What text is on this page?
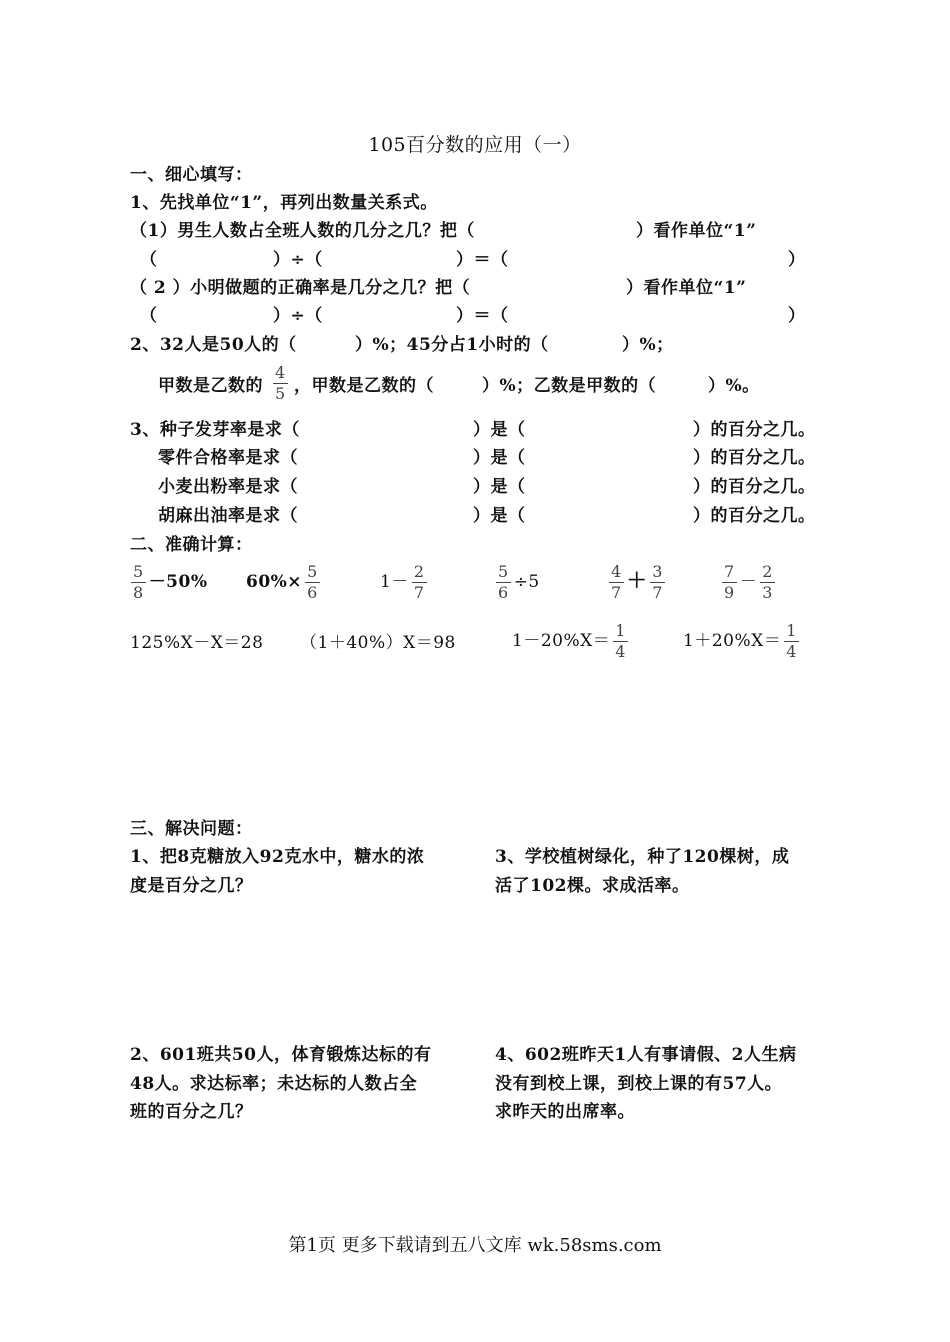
105百分数的应用（一）
一、细心填写：
1、先找单位“1”，再列出数量关系式。
（1）男生人数占全班人数的几分之几？把（	）看作单位“1”
（	）÷（	）＝（	）
（ 2 ）小明做题的正确率是几分之几？把（	）看作单位“1”
（	）÷（	）＝（	）
2、32人是50人的（	）%；45分占1小时的（	）%；
甲数是乙数的 $\frac{4}{5}$ ，甲数是乙数的（	）%；乙数是甲数的（	）%。
3、种子发芽率是求（	）是（	）的百分之几。
零件合格率是求（	）是（	）的百分之几。
小麦出粉率是求（	）是（	）的百分之几。
胡麻出油率是求（	）是（	）的百分之几。
二、准确计算：
$\frac{5}{8} -50\%$ $60\%\times \frac{5}{6}$	$1- \frac{2}{7}$	$\frac{5}{6} \div 5$	$\frac{4}{7} + \frac{3}{7}$	$\frac{7}{9} - \frac{2}{3}$
125%X－X＝28 （1＋40%）X＝98	$1-20\%X= \frac{1}{4}$	$1+20\%X= \frac{1}{4}$
三、解决问题：
1、把8克糖放入92克水中，糖水的浓
度是百分之几？
3、学校植树绿化，种了120棵树，成
活了102棵。求成活率。
2、601班共50人，体育锻炼达标的有
48人。求达标率；未达标的人数占全
班的百分之几？
4、602班昨天1人有事请假、2人生病
没有到校上课，到校上课的有57人。
求昨天的出席率。
第1页 更多下载请到五八文库 wk.58sms.com
